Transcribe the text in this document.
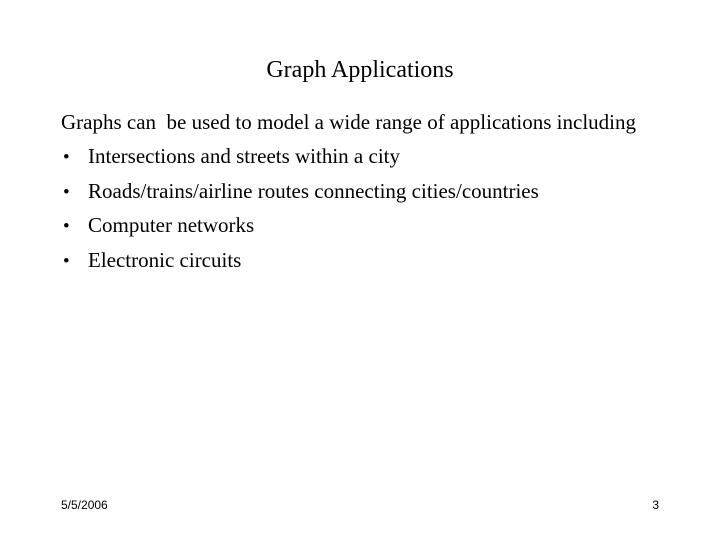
Graph Applications

Graphs can  be used to model a wide range of applications including

• Intersections and streets within a city
• Roads/trains/airline routes connecting cities/countries
• Computer networks
• Electronic circuits
5/5/2006	3
